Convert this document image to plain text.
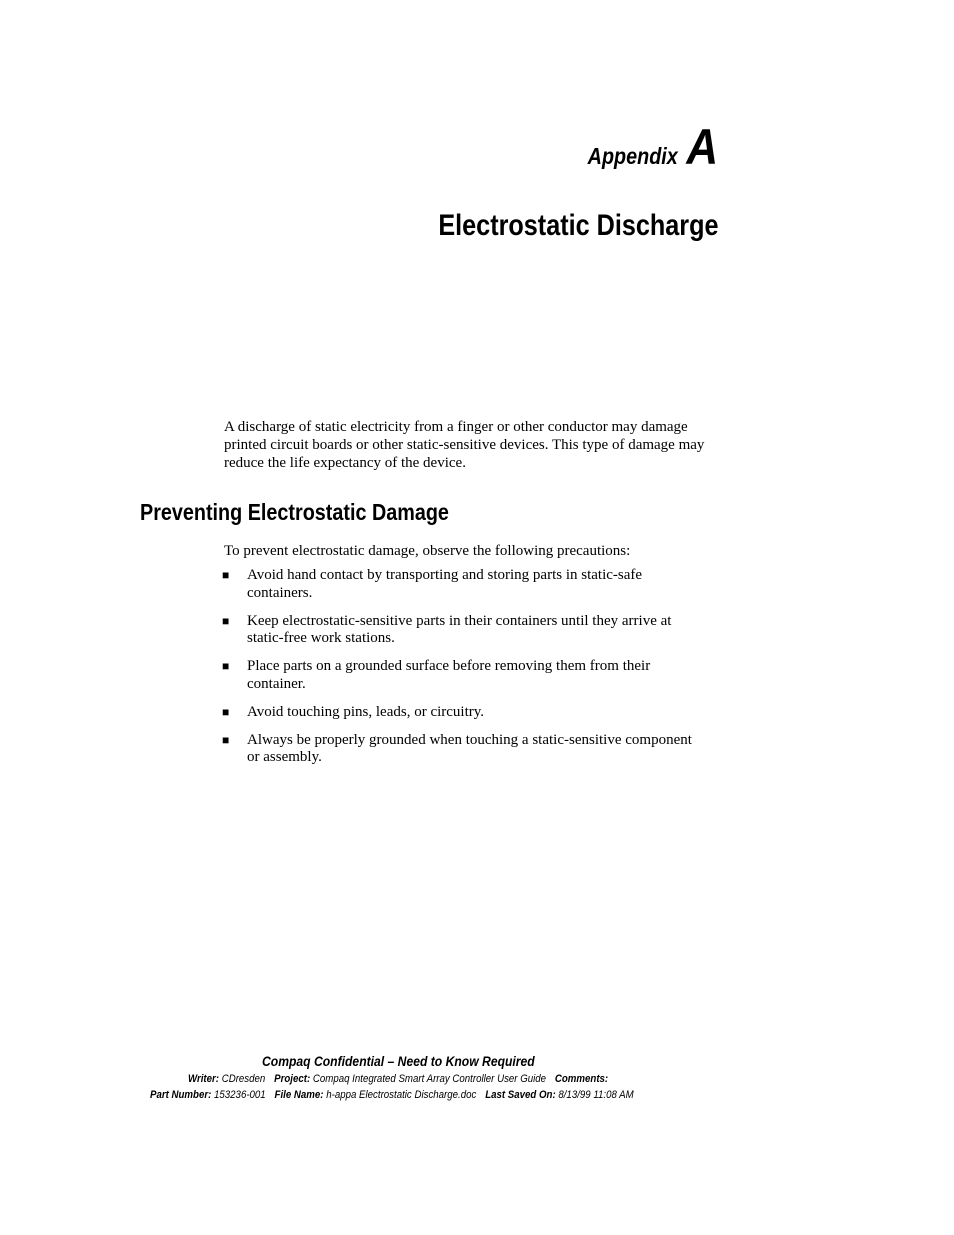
Appendix A
Electrostatic Discharge

A discharge of static electricity from a finger or other conductor may damage printed circuit boards or other static-sensitive devices. This type of damage may reduce the life expectancy of the device.

Preventing Electrostatic Damage

To prevent electrostatic damage, observe the following precautions:

■	Avoid hand contact by transporting and storing parts in static-safe containers.
■	Keep electrostatic-sensitive parts in their containers until they arrive at static-free work stations.
■	Place parts on a grounded surface before removing them from their container.
■	Avoid touching pins, leads, or circuitry.
■	Always be properly grounded when touching a static-sensitive component or assembly.
Compaq Confidential – Need to Know Required
Writer: CDresden Project: Compaq Integrated Smart Array Controller User Guide Comments:
Part Number: 153236-001 File Name: h-appa Electrostatic Discharge.doc Last Saved On: 8/13/99 11:08 AM
